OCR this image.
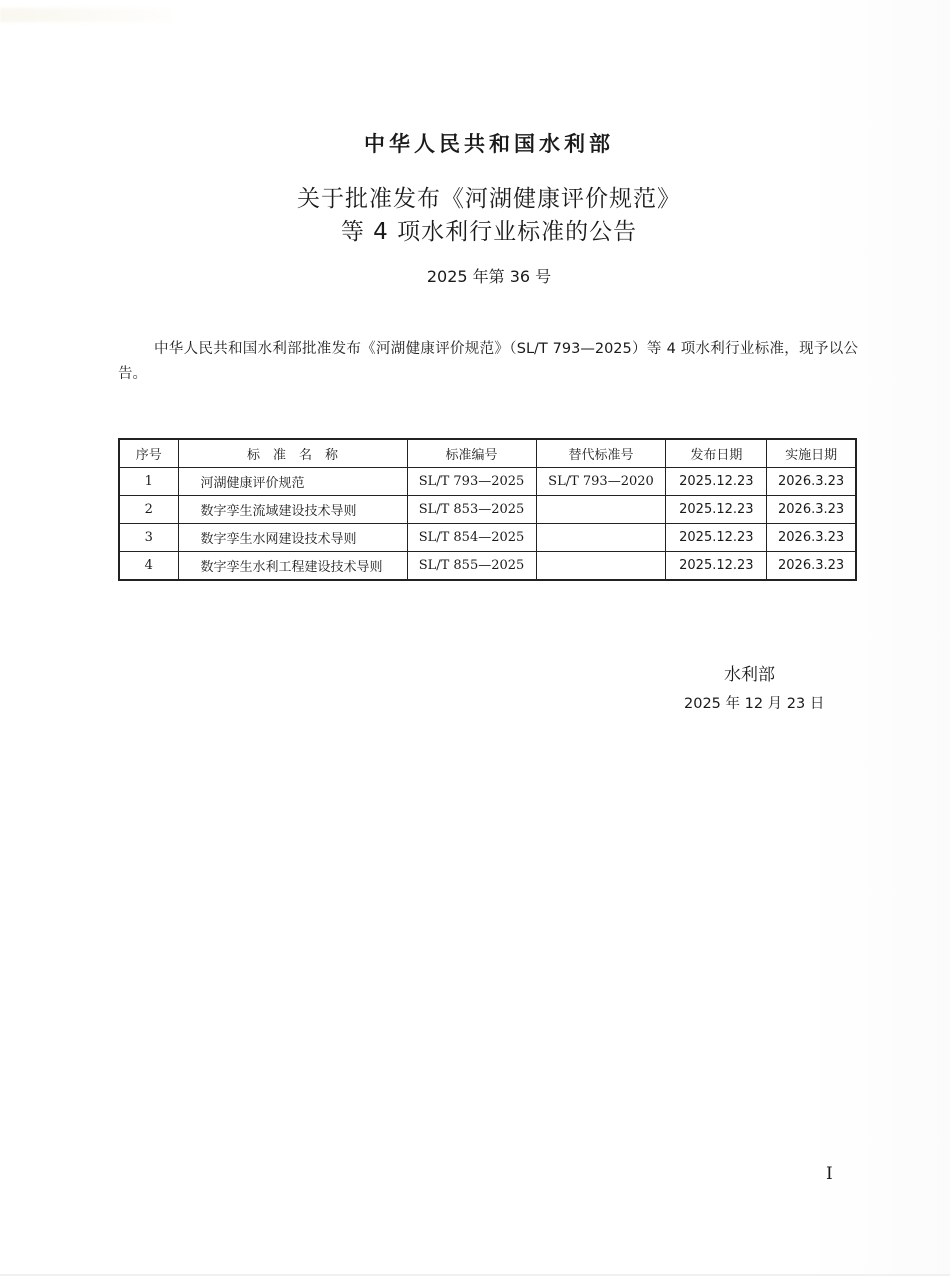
中华人民共和国水利部
关于批准发布《河湖健康评价规范》
等 4 项水利行业标准的公告
2025 年第 36 号
中华人民共和国水利部批准发布《河湖健康评价规范》（SL/T 793—2025）等 4 项水利行业标准，现予以公告。
序号	标　准　名　称	标准编号	替代标准号	发布日期	实施日期
1	河湖健康评价规范	SL/T 793—2025	SL/T 793—2020	2025.12.23	2026.3.23
2	数字孪生流域建设技术导则	SL/T 853—2025		2025.12.23	2026.3.23
3	数字孪生水网建设技术导则	SL/T 854—2025		2025.12.23	2026.3.23
4	数字孪生水利工程建设技术导则	SL/T 855—2025		2025.12.23	2026.3.23
水利部
2025 年 12 月 23 日
I
